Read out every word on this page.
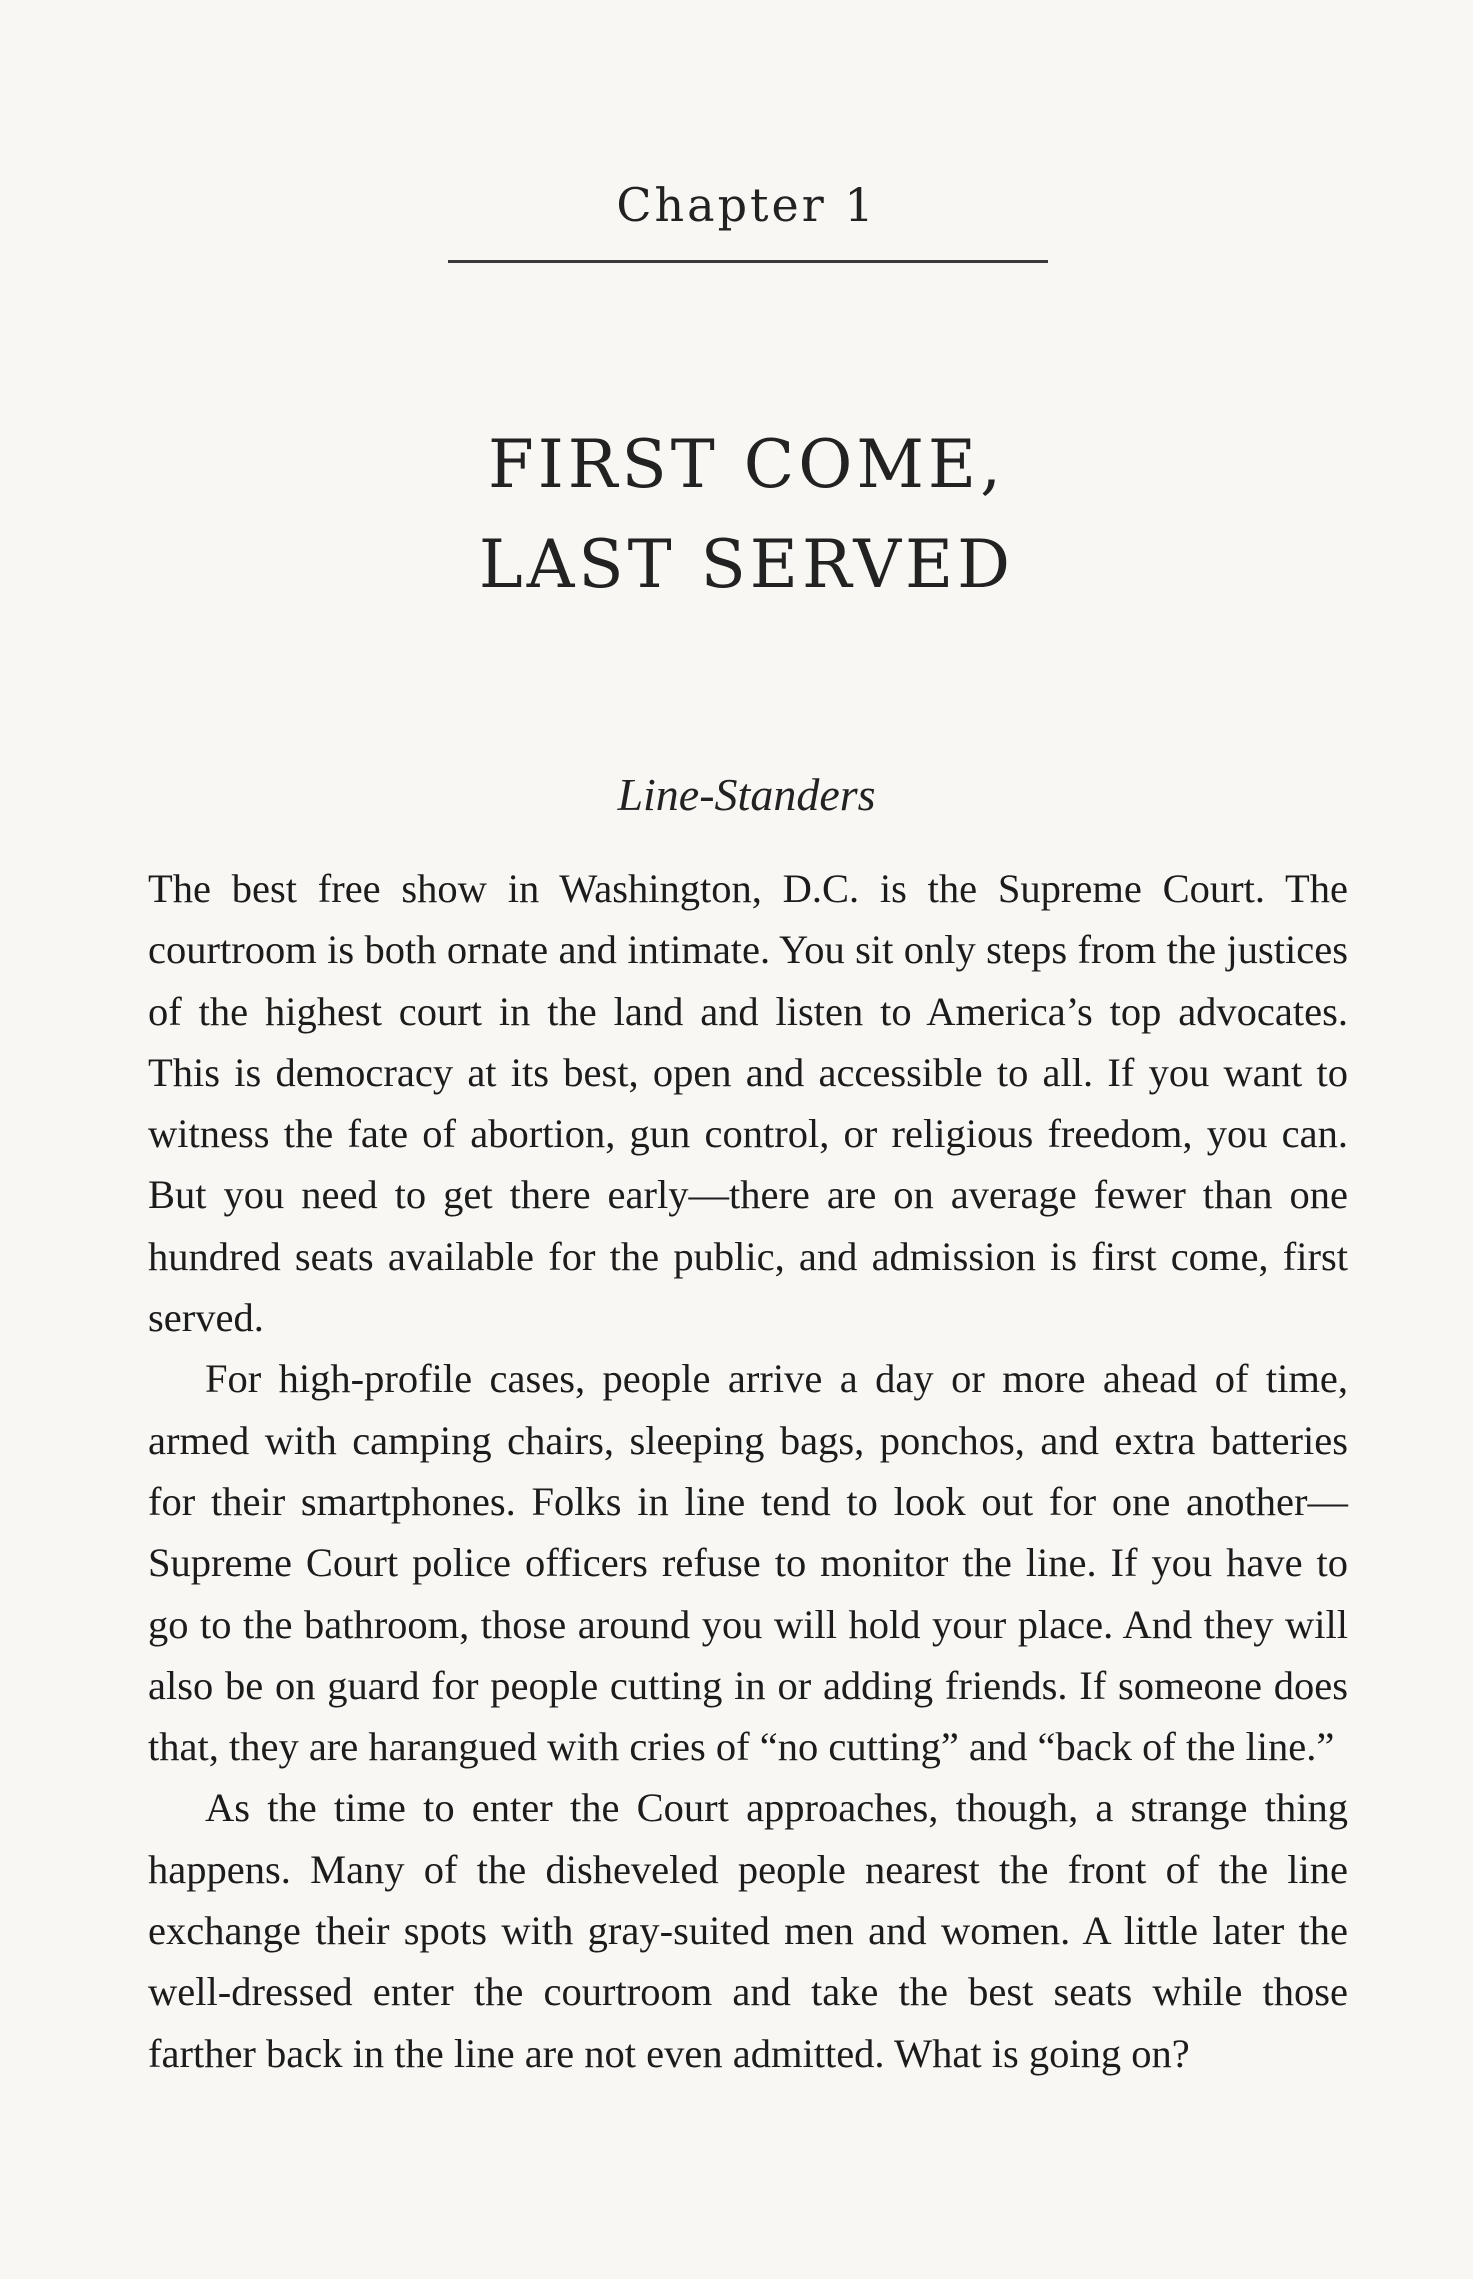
Chapter 1
FIRST COME,
LAST SERVED
Line-Standers

The best free show in Washington, D.C. is the Supreme Court. The courtroom is both ornate and intimate. You sit only steps from the justices of the highest court in the land and listen to America’s top advocates. This is democracy at its best, open and accessible to all. If you want to witness the fate of abortion, gun control, or religious freedom, you can. But you need to get there early—there are on average fewer than one hundred seats available for the public, and admission is first come, first served.

For high-profile cases, people arrive a day or more ahead of time, armed with camping chairs, sleeping bags, ponchos, and extra batteries for their smartphones. Folks in line tend to look out for one another—Supreme Court police officers refuse to monitor the line. If you have to go to the bathroom, those around you will hold your place. And they will also be on guard for people cutting in or adding friends. If someone does that, they are harangued with cries of “no cutting” and “back of the line.”

As the time to enter the Court approaches, though, a strange thing happens. Many of the disheveled people nearest the front of the line exchange their spots with gray-suited men and women. A little later the well-dressed enter the courtroom and take the best seats while those farther back in the line are not even admitted. What is going on?
